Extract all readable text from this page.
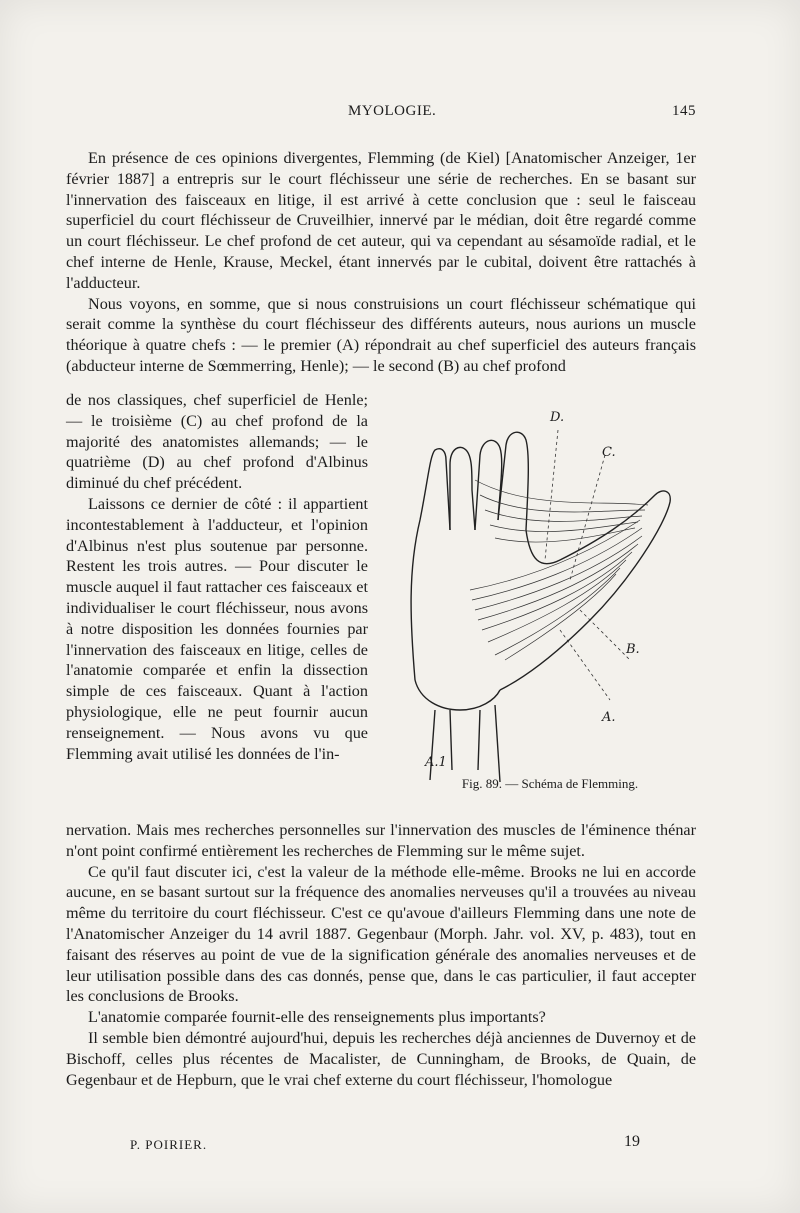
MYOLOGIE.	145

En présence de ces opinions divergentes, Flemming (de Kiel) [Anatomischer Anzeiger, 1er février 1887] a entrepris sur le court fléchisseur une série de recherches. En se basant sur l'innervation des faisceaux en litige, il est arrivé à cette conclusion que : seul le faisceau superficiel du court fléchisseur de Cruveilhier, innervé par le médian, doit être regardé comme un court fléchisseur. Le chef profond de cet auteur, qui va cependant au sésamoïde radial, et le chef interne de Henle, Krause, Meckel, étant innervés par le cubital, doivent être rattachés à l'adducteur.

Nous voyons, en somme, que si nous construisions un court fléchisseur schématique qui serait comme la synthèse du court fléchisseur des différents auteurs, nous aurions un muscle théorique à quatre chefs : — le premier (A) répondrait au chef superficiel des auteurs français (abducteur interne de Sœmmerring, Henle); — le second (B) au chef profond

de nos classiques, chef superficiel de Henle; — le troisième (C) au chef profond de la majorité des anatomistes allemands; — le quatrième (D) au chef profond d'Albinus diminué du chef précédent.

Laissons ce dernier de côté : il appartient incontestablement à l'adducteur, et l'opinion d'Albinus n'est plus soutenue par personne. Restent les trois autres. — Pour discuter le muscle auquel il faut rattacher ces faisceaux et individualiser le court fléchisseur, nous avons à notre disposition les données fournies par l'innervation des faisceaux en litige, celles de l'anatomie comparée et enfin la dissection simple de ces faisceaux. Quant à l'action physiologique, elle ne peut fournir aucun renseignement. — Nous avons vu que Flemming avait utilisé les données de l'in-

D.
C.
B.
A.
A.1
Fig. 89. — Schéma de Flemming.

nervation. Mais mes recherches personnelles sur l'innervation des muscles de l'éminence thénar n'ont point confirmé entièrement les recherches de Flemming sur le même sujet.

Ce qu'il faut discuter ici, c'est la valeur de la méthode elle-même. Brooks ne lui en accorde aucune, en se basant surtout sur la fréquence des anomalies nerveuses qu'il a trouvées au niveau même du territoire du court fléchisseur. C'est ce qu'avoue d'ailleurs Flemming dans une note de l'Anatomischer Anzeiger du 14 avril 1887. Gegenbaur (Morph. Jahr. vol. XV, p. 483), tout en faisant des réserves au point de vue de la signification générale des anomalies nerveuses et de leur utilisation possible dans des cas donnés, pense que, dans le cas particulier, il faut accepter les conclusions de Brooks.

L'anatomie comparée fournit-elle des renseignements plus importants?

Il semble bien démontré aujourd'hui, depuis les recherches déjà anciennes de Duvernoy et de Bischoff, celles plus récentes de Macalister, de Cunningham, de Brooks, de Quain, de Gegenbaur et de Hepburn, que le vrai chef externe du court fléchisseur, l'homologue

P. POIRIER.	19
